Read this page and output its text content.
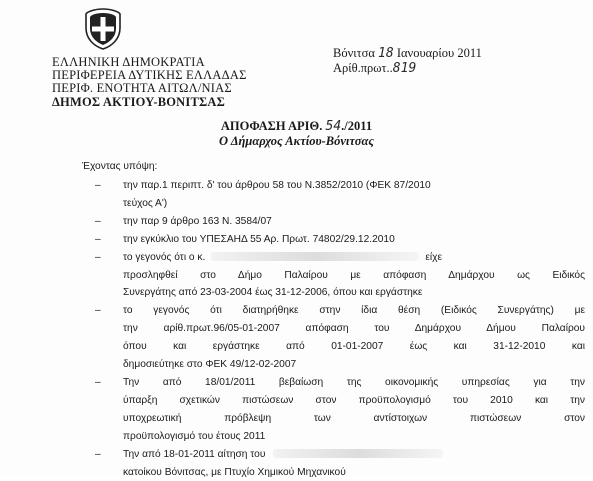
ΕΛΛΗΝΙΚΗ ΔΗΜΟΚΡΑΤΙΑ
ΠΕΡΙΦΕΡΕΙΑ ΔΥΤΙΚΗΣ ΕΛΛΑΔΑΣ
ΠΕΡΙΦ. ΕΝΟΤΗΤΑ ΑΙΤΩΛ/ΝΙΑΣ
ΔΗΜΟΣ ΑΚΤΙΟΥ-ΒΟΝΙΤΣΑΣ
Βόνιτσα 18 Ιανουαρίου 2011
Αρίθ.πρωτ..819
ΑΠΟΦΑΣΗ ΑΡΙΘ. 54./2011
Ο Δήμαρχος Ακτίου-Βόνιτσας
Έχοντας υπόψη:
– την παρ.1 περιπτ. δ' του άρθρου 58 του Ν.3852/2010 (ΦΕΚ 87/2010
τεύχος Α')
– την παρ 9 άρθρο 163 Ν. 3584/07
– την εγκύκλιο του ΥΠΕΣΑΗΔ 55 Αρ. Πρωτ. 74802/29.12.2010
– το γεγονός ότι ο κ.	είχε
προσληφθεί στο Δήμο Παλαίρου με απόφαση Δημάρχου ως Ειδικός
Συνεργάτης από 23-03-2004 έως 31-12-2006, όπου και εργάστηκε
– το γεγονός ότι διατηρήθηκε στην ίδια θέση (Ειδικός Συνεργάτης) με
την αρίθ.πρωτ.96/05-01-2007 απόφαση του Δημάρχου Δήμου Παλαίρου
όπου και εργάστηκε από 01-01-2007 έως και 31-12-2010 και
δημοσιεύτηκε στο ΦΕΚ 49/12-02-2007
– Την από 18/01/2011 βεβαίωση της οικονομικής υπηρεσίας για την
ύπαρξη σχετικών πιστώσεων στον προϋπολογισμό του 2010 και την
υποχρεωτική πρόβλεψη των αντίστοιχων πιστώσεων στον
προϋπολογισμό του έτους 2011
– Την από 18-01-2011 αίτηση του
κατοίκου Βόνιτσας, με Πτυχίο Χημικού Μηχανικού
